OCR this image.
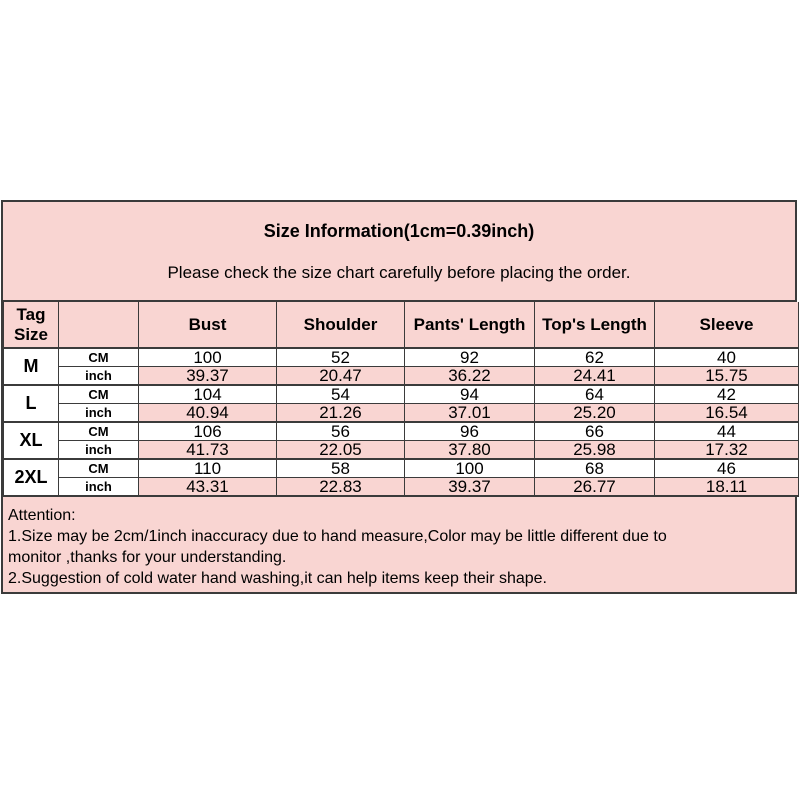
Size Information(1cm=0.39inch)
Please check the size chart carefully before placing the order.
Tag Size		Bust	Shoulder	Pants' Length	Top's Length	Sleeve
M	CM	100	52	92	62	40
	inch	39.37	20.47	36.22	24.41	15.75
L	CM	104	54	94	64	42
	inch	40.94	21.26	37.01	25.20	16.54
XL	CM	106	56	96	66	44
	inch	41.73	22.05	37.80	25.98	17.32
2XL	CM	110	58	100	68	46
	inch	43.31	22.83	39.37	26.77	18.11
Attention:
1.Size may be 2cm/1inch inaccuracy due to hand measure,Color may be little different due to
monitor ,thanks for your understanding.
2.Suggestion of cold water hand washing,it can help items keep their shape.
